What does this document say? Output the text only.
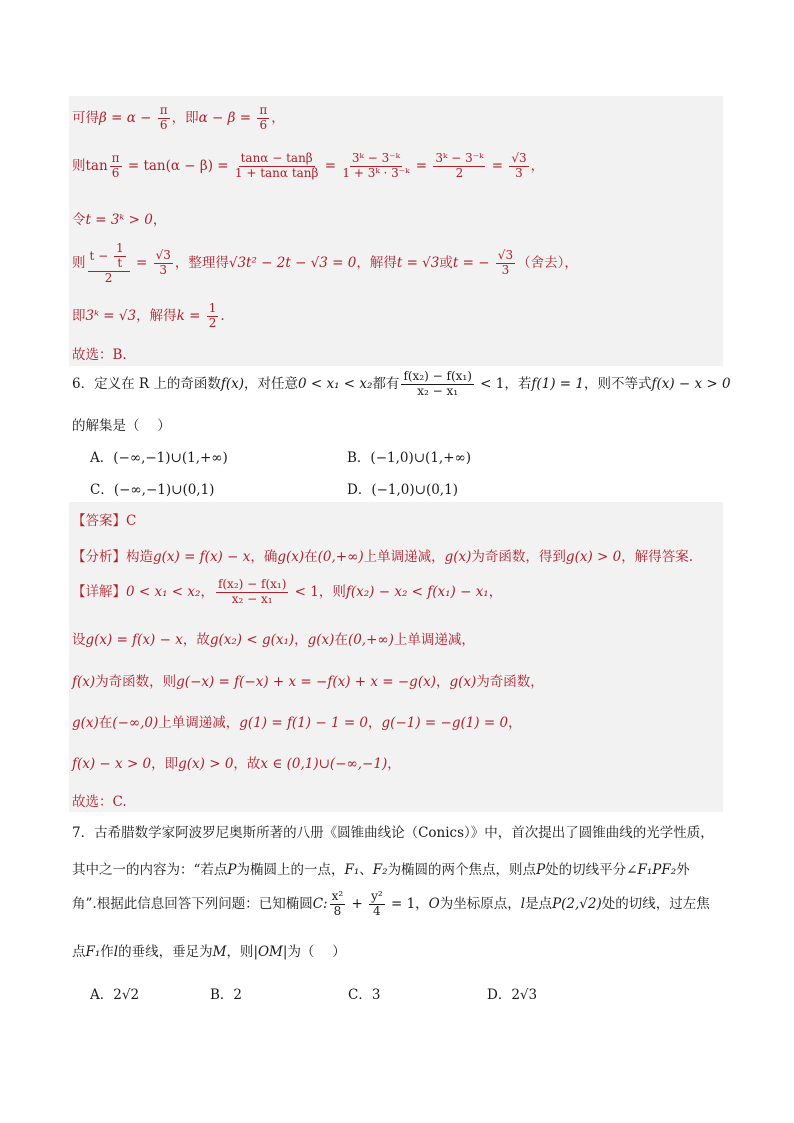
可得$\beta = \alpha - \frac{\pi}{6}$ ，即$\alpha - \beta = \frac{\pi}{6}$ ，
则$\tan \frac{\pi}{6} = \tan(\alpha - \beta) = \frac{\tan\alpha - \tan\beta}{\text{1 + tanα tanβ}} = \frac{\text{3ᵏ − 3⁻ᵏ}}{\text{1 + 3ᵏ · 3⁻ᵏ}} = \frac{\text{3ᵏ − 3⁻ᵏ}}{2} = \frac{√3}{3}$ ，
令t = 3ᵏ > 0，
则 $\frac{t - \frac{1}{t}}{2} = \frac{√3}{3}$ ，整理得√3t² − 2t − √3 = 0，解得t = √3或t = − $\frac{√3}{3}$ （舍去），
即3ᵏ = √3，解得$k = \frac{1}{2}$ .
故选：B.
6．定义在 R 上的奇函数f(x)，对任意0 < x₁ < x₂都有 $\frac{\text{f(x₂) − f(x₁)}}{\text{x₂ − x₁}} < 1$，若f(1) = 1，则不等式f(x) − x > 0
的解集是（　 ）
A．(−∞,−1)∪(1,+∞)	B．(−1,0)∪(1,+∞)
C．(−∞,−1)∪(0,1)	D．(−1,0)∪(0,1)
【答案】C
【分析】构造g(x) = f(x) − x，确g(x)在(0,+∞)上单调递减，g(x)为奇函数，得到g(x) > 0，解得答案.
【详解】0 < x₁ < x₂， $\frac{\text{f(x₂) − f(x₁)}}{\text{x₂ − x₁}} < 1$，则f(x₂) − x₂ < f(x₁) − x₁，
设g(x) = f(x) − x，故g(x₂) < g(x₁)，g(x)在(0,+∞)上单调递减，
f(x)为奇函数，则g(−x) = f(−x) + x = −f(x) + x = −g(x)，g(x)为奇函数，
g(x)在(−∞,0)上单调递减，g(1) = f(1) − 1 = 0，g(−1) = −g(1) = 0，
f(x) − x > 0，即g(x) > 0，故x ∈ (0,1)∪(−∞,−1)，
故选：C.
7．古希腊数学家阿波罗尼奥斯所著的八册《圆锥曲线论（Conics）》中，首次提出了圆锥曲线的光学性质，
其中之一的内容为：“若点P为椭圆上的一点，F₁、F₂为椭圆的两个焦点，则点P处的切线平分∠F₁PF₂外
角”.根据此信息回答下列问题：已知椭圆C: $\frac{\text{x²}}{8} + \frac{\text{y²}}{4} = 1$，O为坐标原点，l是点P(2,√2)处的切线，过左焦
点F₁作l的垂线，垂足为M，则|OM|为（　 ）
A．2√2	B．2	C．3	D．2√3
